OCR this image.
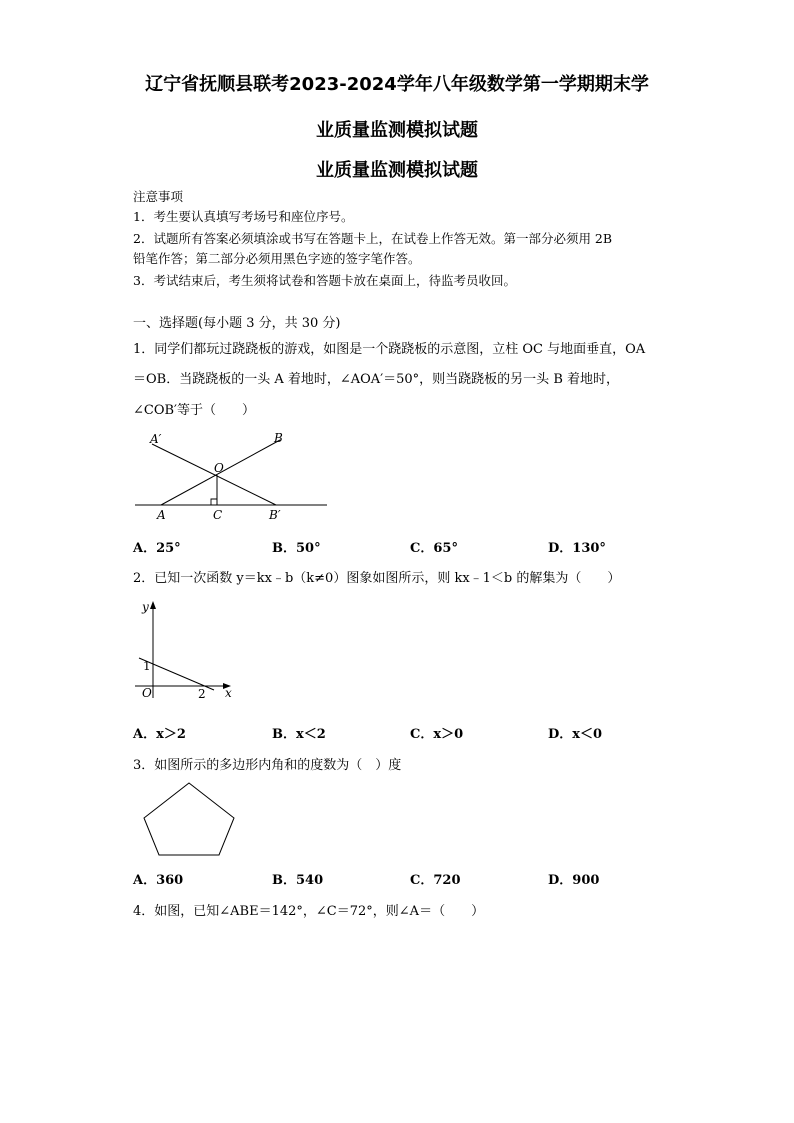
辽宁省抚顺县联考2023-2024学年八年级数学第一学期期末学
业质量监测模拟试题
业质量监测模拟试题
注意事项
1．考生要认真填写考场号和座位序号。
2．试题所有答案必须填涂或书写在答题卡上，在试卷上作答无效。第一部分必须用 2B
铅笔作答；第二部分必须用黑色字迹的签字笔作答。
3．考试结束后，考生须将试卷和答题卡放在桌面上，待监考员收回。
一、选择题(每小题 3 分，共 30 分)
1．同学们都玩过跷跷板的游戏，如图是一个跷跷板的示意图，立柱 OC 与地面垂直，OA
＝OB．当跷跷板的一头 A 着地时，∠AOA′＝50°，则当跷跷板的另一头 B 着地时，
∠COB′等于（　　）
A′	B
O
A	C	B′
A．25°	B．50°	C．65°	D．130°
2．已知一次函数 y＝kx﹣b（k≠0）图象如图所示，则 kx﹣1＜b 的解集为（　　）
y
x
O
1
2
A．x＞2	B．x＜2	C．x＞0	D．x＜0
3．如图所示的多边形内角和的度数为（　）度
A．360	B．540	C．720	D．900
4．如图，已知∠ABE＝142°，∠C＝72°，则∠A＝（　　）
